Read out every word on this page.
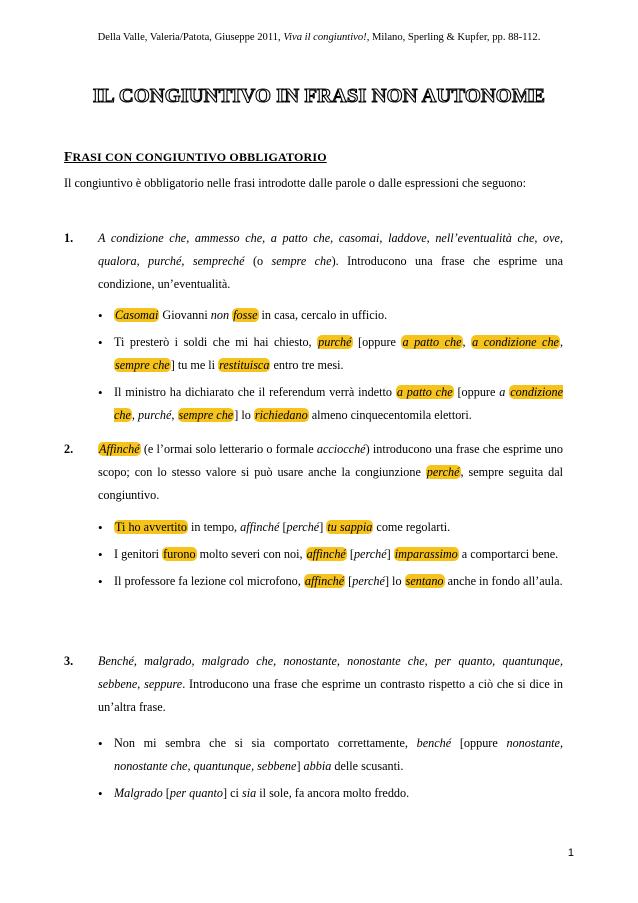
Della Valle, Valeria/Patota, Giuseppe 2011, Viva il congiuntivo!, Milano, Sperling & Kupfer, pp. 88-112.
IL CONGIUNTIVO IN FRASI NON AUTONOME
FRASI CON CONGIUNTIVO OBBLIGATORIO
Il congiuntivo è obbligatorio nelle frasi introdotte dalle parole o dalle espressioni che seguono:
1. A condizione che, ammesso che, a patto che, casomai, laddove, nell’eventualità che, ove, qualora, purché, sempreché (o sempre che). Introducono una frase che esprime una condizione, un’eventualità.
• Casomai Giovanni non fosse in casa, cercalo in ufficio.
• Ti presterò i soldi che mi hai chiesto, purché [oppure a patto che, a condizione che, sempre che] tu me li restituisca entro tre mesi.
• Il ministro ha dichiarato che il referendum verrà indetto a patto che [oppure a condizione che, purché, sempre che] lo richiedano almeno cinquecentomila elettori.
2. Affinché (e l’ormai solo letterario o formale acciocché) introducono una frase che esprime uno scopo; con lo stesso valore si può usare anche la congiunzione perché, sempre seguita dal congiuntivo.
• Ti ho avvertito in tempo, affinché [perché] tu sappia come regolarti.
• I genitori furono molto severi con noi, affinché [perché] imparassimo a comportarci bene.
• Il professore fa lezione col microfono, affinché [perché] lo sentano anche in fondo all’aula.
3. Benché, malgrado, malgrado che, nonostante, nonostante che, per quanto, quantunque, sebbene, seppure. Introducono una frase che esprime un contrasto rispetto a ciò che si dice in un’altra frase.
• Non mi sembra che si sia comportato correttamente, benché [oppure nonostante, nonostante che, quantunque, sebbene] abbia delle scusanti.
• Malgrado [per quanto] ci sia il sole, fa ancora molto freddo.
1
